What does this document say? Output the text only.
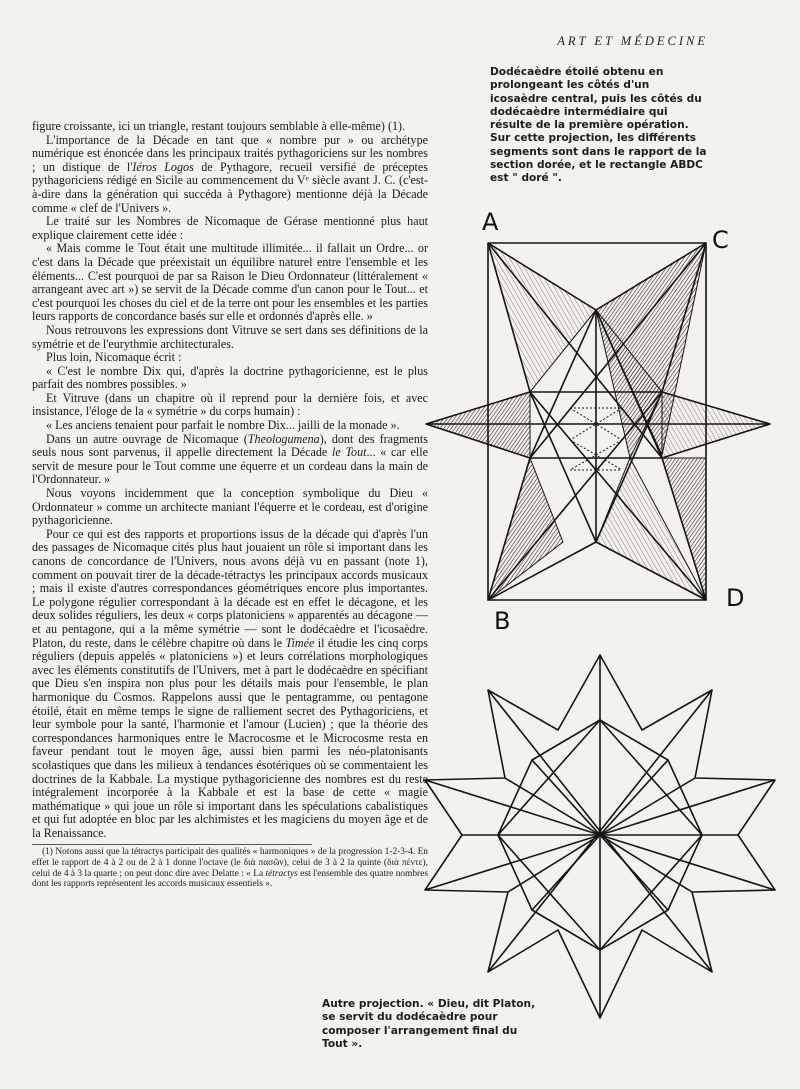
ART ET MÉDECINE
Dodécaèdre étoilé obtenu en prolongeant les côtés d'un icosaèdre central, puis les côtés du dodécaèdre intermédiaire qui résulte de la première opération. Sur cette projection, les différents segments sont dans le rapport de la section dorée, et le rectangle ABDC est " doré ".

figure croissante, ici un triangle, restant toujours semblable à elle-même) (1).

L'importance de la Décade en tant que « nombre pur » ou archétype numérique est énoncée dans les principaux traités pythagoriciens sur les nombres ; un distique de l'Iéros Logos de Pythagore, recueil versifié de préceptes pythagoriciens rédigé en Sicile au commencement du Vᵉ siècle avant J. C. (c'est-à-dire dans la génération qui succéda à Pythagore) mentionne déjà la Décade comme « clef de l'Univers ».

Le traité sur les Nombres de Nicomaque de Gérase mentionné plus haut explique clairement cette idée :

« Mais comme le Tout était une multitude illimitée... il fallait un Ordre... or c'est dans la Décade que préexistait un équilibre naturel entre l'ensemble et les éléments... C'est pourquoi de par sa Raison le Dieu Ordonnateur (littéralement « arrangeant avec art ») se servit de la Décade comme d'un canon pour le Tout... et c'est pourquoi les choses du ciel et de la terre ont pour les ensembles et les parties leurs rapports de concordance basés sur elle et ordonnés d'après elle. »

Nous retrouvons les expressions dont Vitruve se sert dans ses définitions de la symétrie et de l'eurythmie architecturales.

Plus loin, Nicomaque écrit :

« C'est le nombre Dix qui, d'après la doctrine pythagoricienne, est le plus parfait des nombres possibles. »

Et Vitruve (dans un chapitre où il reprend pour la dernière fois, et avec insistance, l'éloge de la « symétrie » du corps humain) :

« Les anciens tenaient pour parfait le nombre Dix... jailli de la monade ».

Dans un autre ouvrage de Nicomaque (Theologumena), dont des fragments seuls nous sont parvenus, il appelle directement la Décade le Tout... « car elle servit de mesure pour le Tout comme une équerre et un cordeau dans la main de l'Ordonnateur. »

Nous voyons incidemment que la conception symbolique du Dieu « Ordonnateur » comme un architecte maniant l'équerre et le cordeau, est d'origine pythagoricienne.

Pour ce qui est des rapports et proportions issus de la décade qui d'après l'un des passages de Nicomaque cités plus haut jouaient un rôle si important dans les canons de concordance de l'Univers, nous avons déjà vu en passant (note 1), comment on pouvait tirer de la décade-tétractys les principaux accords musicaux ; mais il existe d'autres correspondances géométriques encore plus importantes. Le polygone régulier correspondant à la décade est en effet le décagone, et les deux solides réguliers, les deux « corps platoniciens » apparentés au décagone — et au pentagone, qui a la même symétrie — sont le dodécaèdre et l'icosaèdre. Platon, du reste, dans le célèbre chapitre où dans le Timée il étudie les cinq corps réguliers (depuis appelés « platoniciens ») et leurs corrélations morphologiques avec les éléments constitutifs de l'Univers, met à part le dodécaèdre en spécifiant que Dieu s'en inspira non plus pour les détails mais pour l'ensemble, le plan harmonique du Cosmos. Rappelons aussi que le pentagramme, ou pentagone étoilé, était en même temps le signe de ralliement secret des Pythagoriciens, et leur symbole pour la santé, l'harmonie et l'amour (Lucien) ; que la théorie des correspondances harmoniques entre le Macrocosme et le Microcosme resta en faveur pendant tout le moyen âge, aussi bien parmi les néo-platonisants scolastiques que dans les milieux à tendances ésotériques où se commentaient les doctrines de la Kabbale. La mystique pythagoricienne des nombres est du reste intégralement incorporée à la Kabbale et est la base de cette « magie mathématique » qui joue un rôle si important dans les spéculations cabalistiques et qui fut adoptée en bloc par les alchimistes et les magiciens du moyen âge et de la Renaissance.

(1) Notons aussi que la tétractys participait des qualités « harmoniques » de la progression 1-2-3-4. En effet le rapport de 4 à 2 ou de 2 à 1 donne l'octave (le διὰ πασῶν), celui de 3 à 2 la quinte (διὰ πέντε), celui de 4 à 3 la quarte ; on peut donc dire avec Delatte : « La tétractys est l'ensemble des quatre nombres dont les rapports représentent les accords musicaux essentiels ».

A
C
B
D
Autre projection. « Dieu, dit Platon, se servit du dodécaèdre pour composer l'arrangement final du Tout ».
